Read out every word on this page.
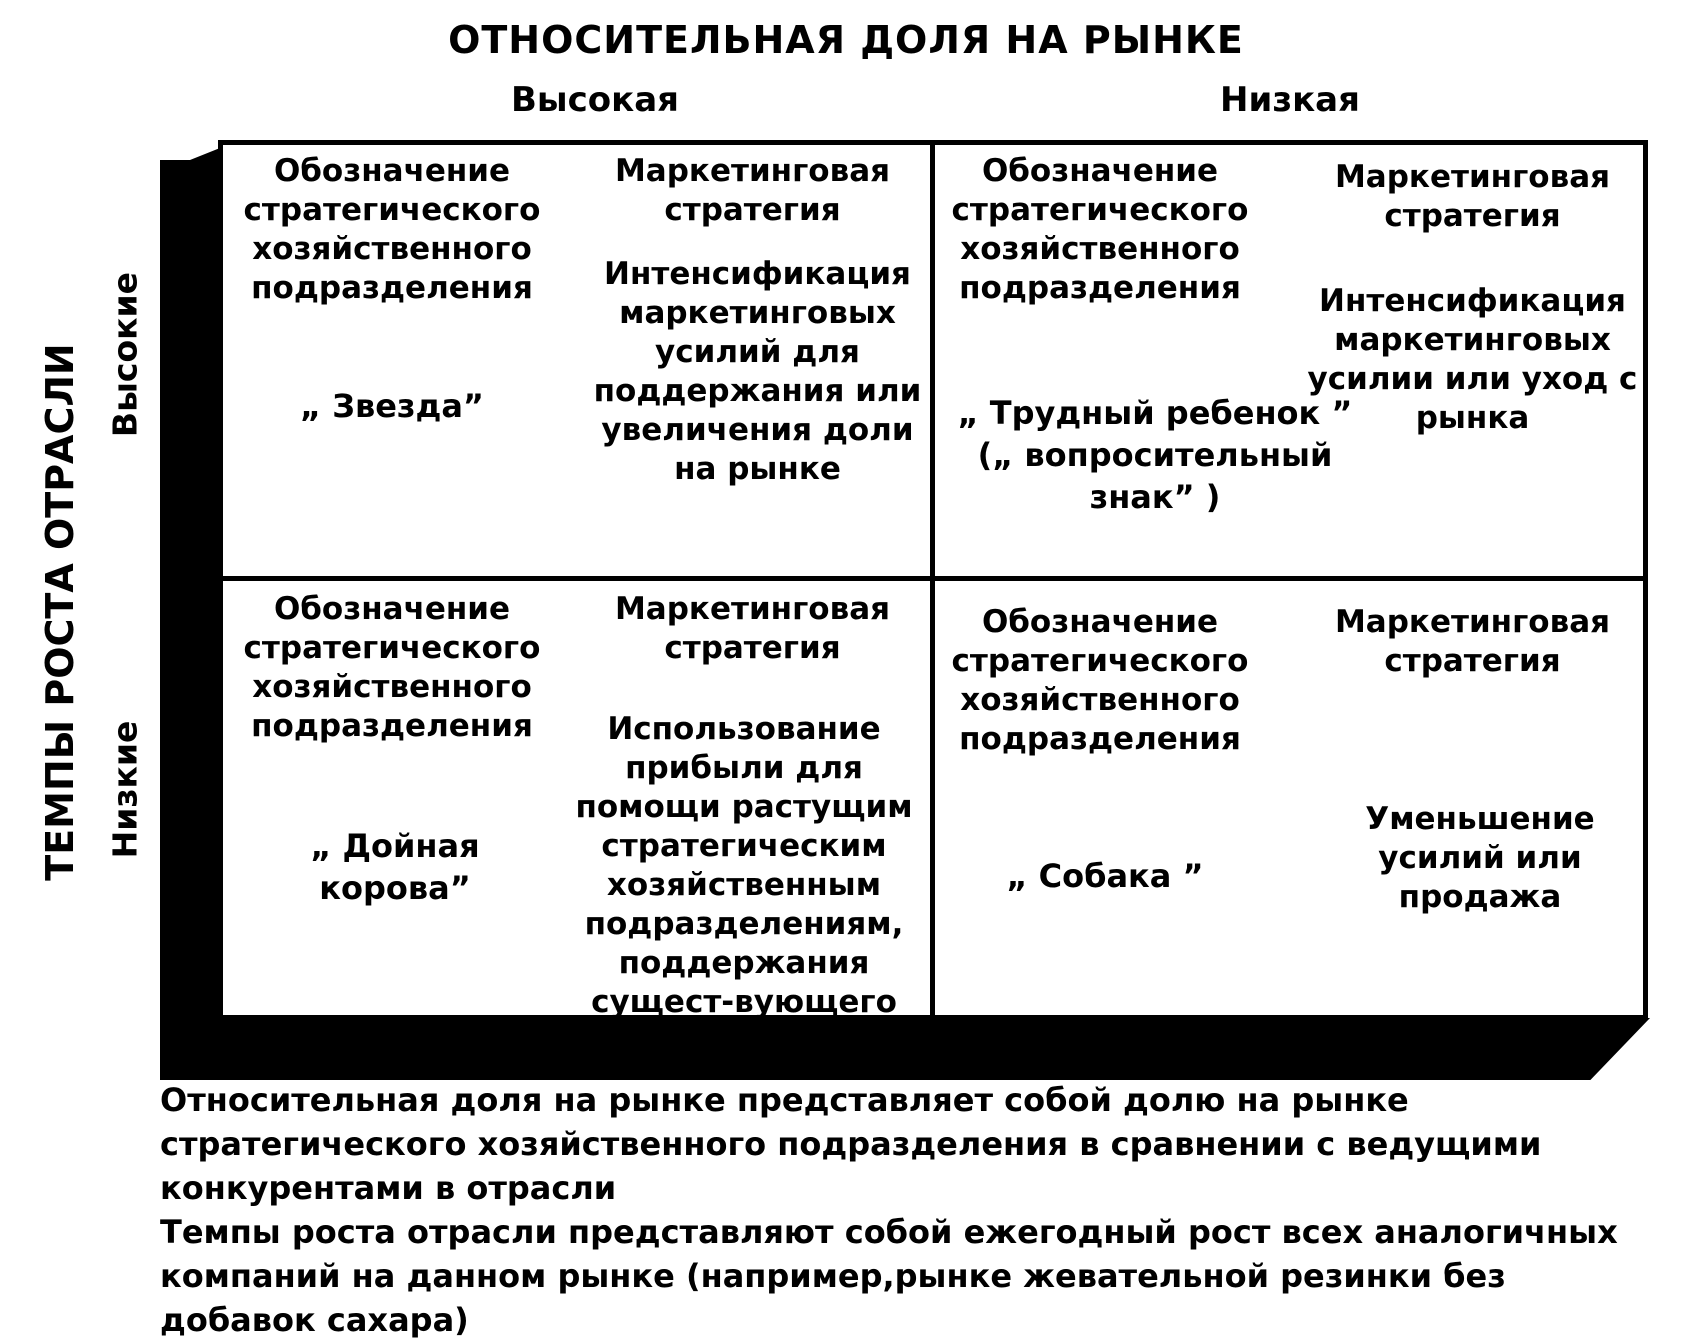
ОТНОСИТЕЛЬНАЯ ДОЛЯ НА РЫНКЕ
Высокая	Низкая
ТЕМПЫ РОСТА ОТРАСЛИ Высокие
Низкие
Обозначение стратегического хозяйственного подразделения
Маркетинговая стратегия
„ Звезда”
Интенсификация маркетинговых усилий для поддержания или увеличения доли на рынке
Обозначение стратегического хозяйственного подразделения
Маркетинговая стратегия
„ Трудный ребенок ” („ вопросительный знак” )
Интенсификация маркетинговых усилии или уход с рынка
Обозначение стратегического хозяйственного подразделения
Маркетинговая стратегия
„ Дойная корова”
Использование прибыли для помощи растущим стратегическим хозяйственным подразделениям, поддержания сущест-вующего положения
Обозначение стратегического хозяйственного подразделения
Маркетинговая стратегия
„ Собака ”
Уменьшение усилий или продажа
Относительная доля на рынке представляет собой долю на рынке стратегического хозяйственного подразделения в сравнении с ведущими конкурентами в отрасли
Темпы роста отрасли представляют собой ежегодный рост всех аналогичных компаний на данном рынке (например,рынке жевательной резинки без добавок сахара)
